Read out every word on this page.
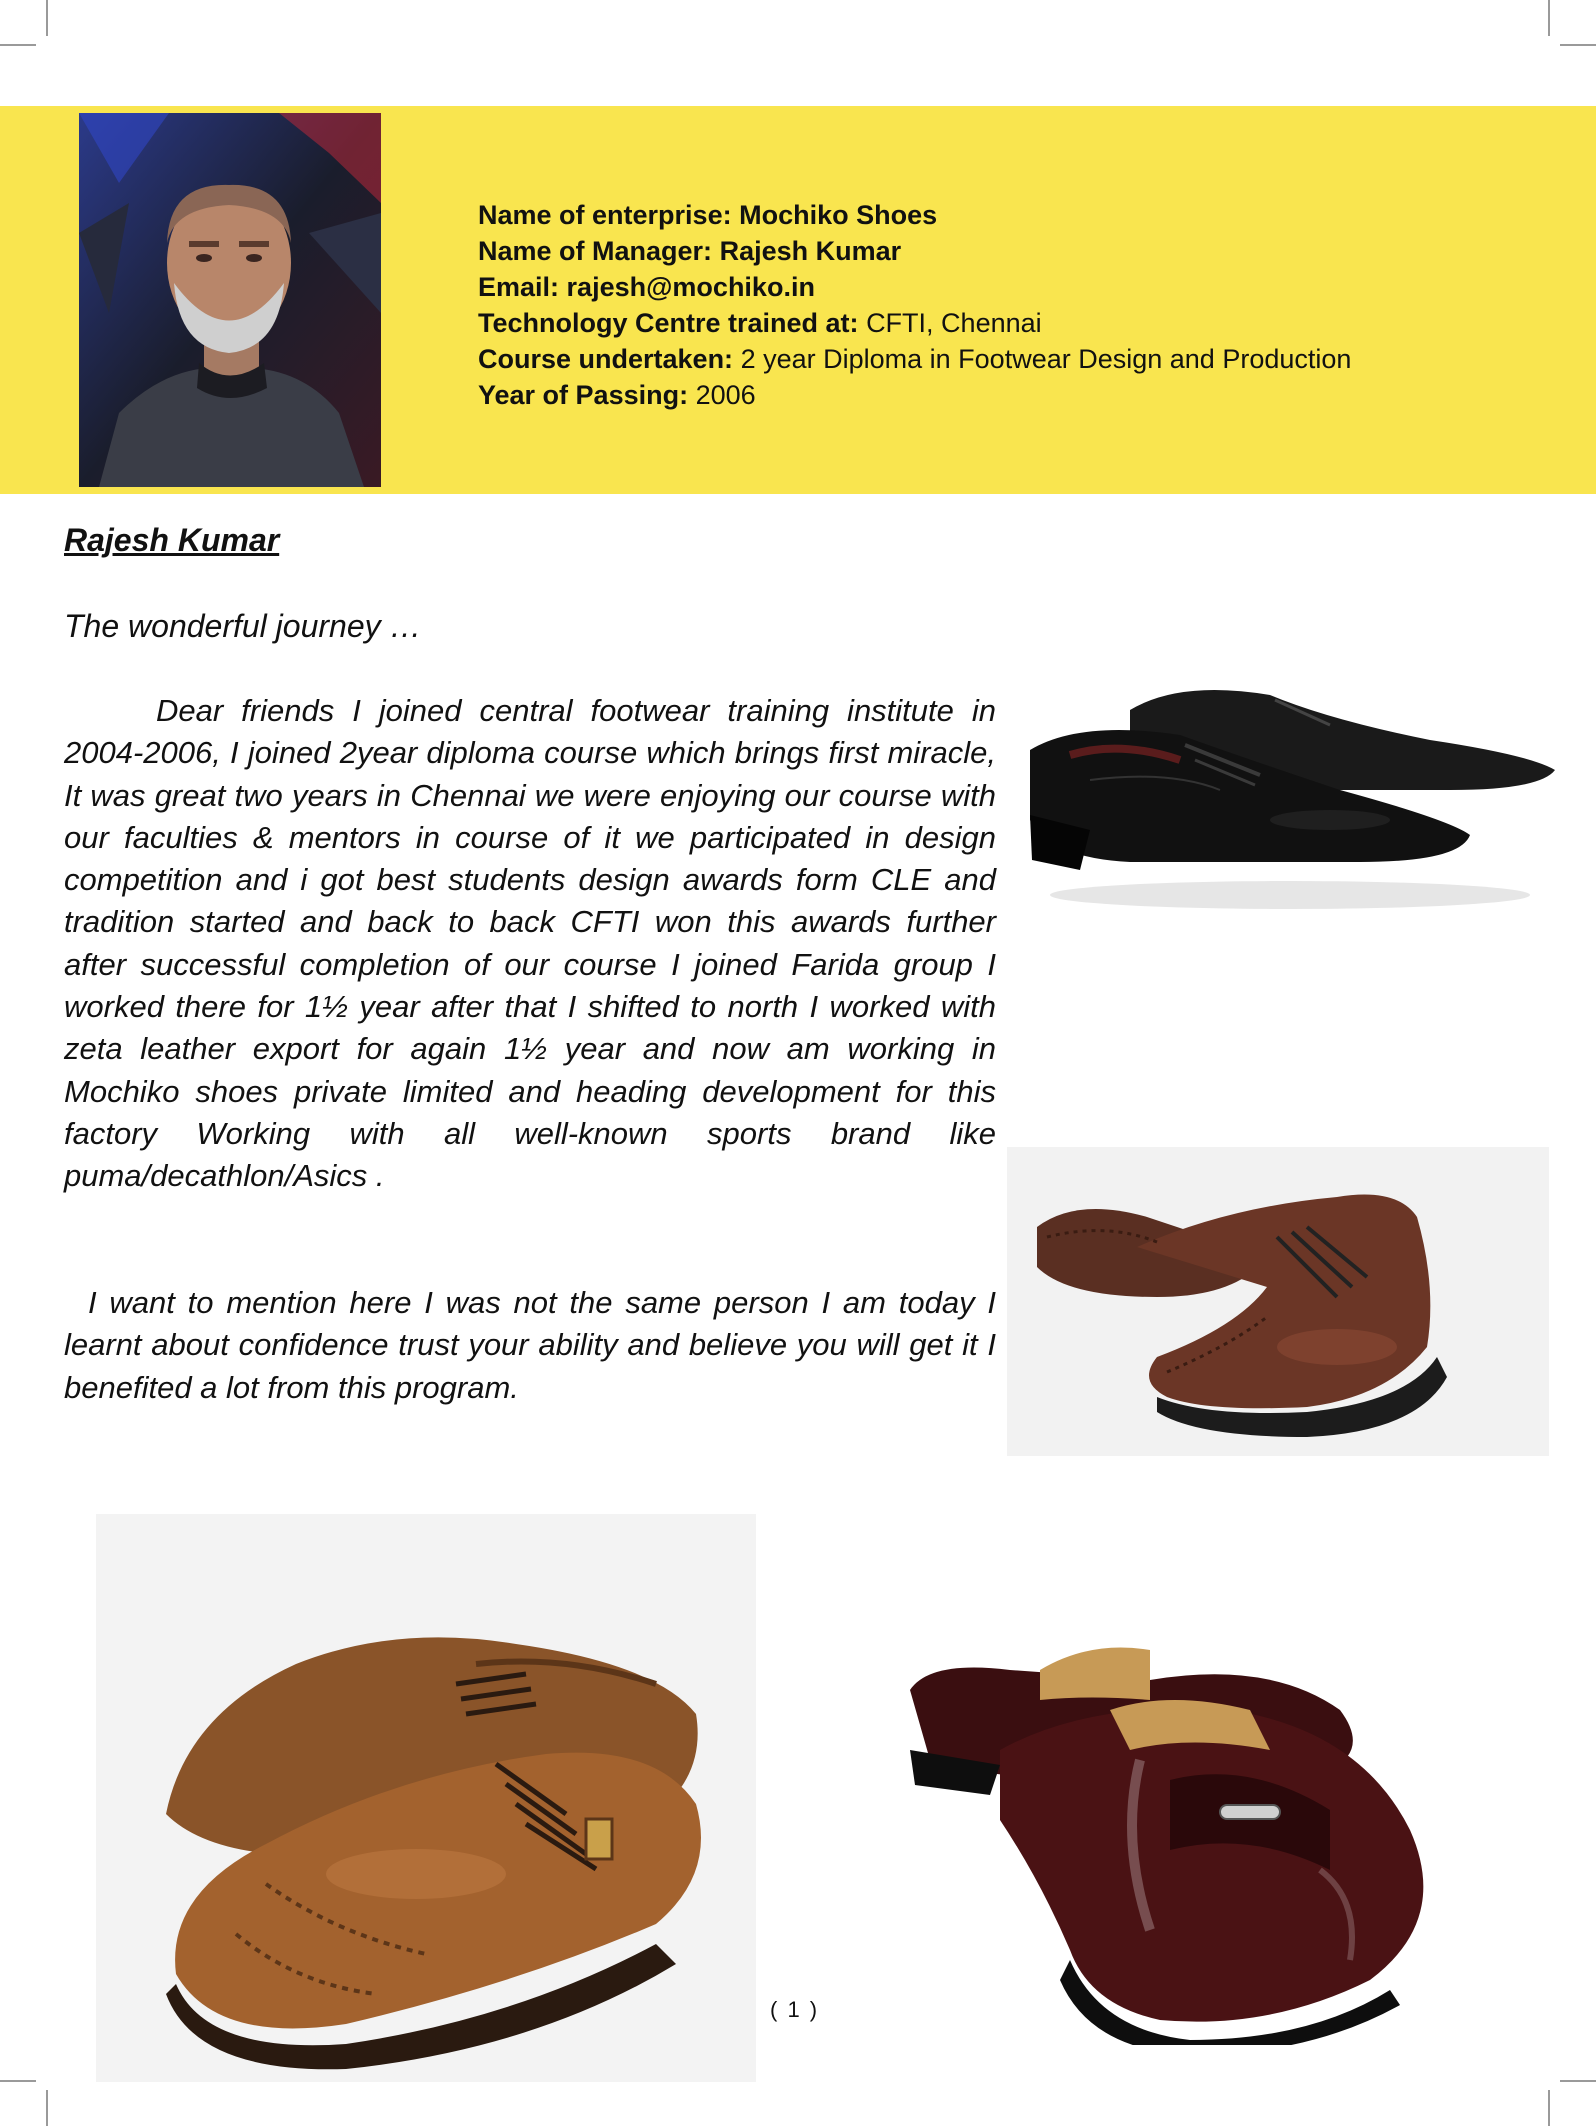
Name of enterprise: Mochiko Shoes
Name of Manager: Rajesh Kumar
Email: rajesh@mochiko.in
Technology Centre trained at: CFTI, Chennai
Course undertaken: 2 year Diploma in Footwear Design and Production
Year of Passing: 2006
Rajesh Kumar
The wonderful journey …

Dear friends I joined central footwear training institute in 2004-2006, I joined 2year diploma course which brings first miracle, It was great two years in Chennai we were enjoying our course with our faculties & mentors in course of it we participated in design competition and i got best students design awards form CLE and tradition started and back to back CFTI won this awards further after successful completion of our course I joined Farida group I worked there for 1½ year after that I shifted to north I worked with zeta leather export for again 1½ year and now am working in Mochiko shoes private limited and heading development for this factory Working with all well-known sports brand like puma/decathlon/Asics .

I want to mention here I was not the same person I am today I learnt about confidence trust your ability and believe you will get it I benefited a lot from this program.

( 1 )
